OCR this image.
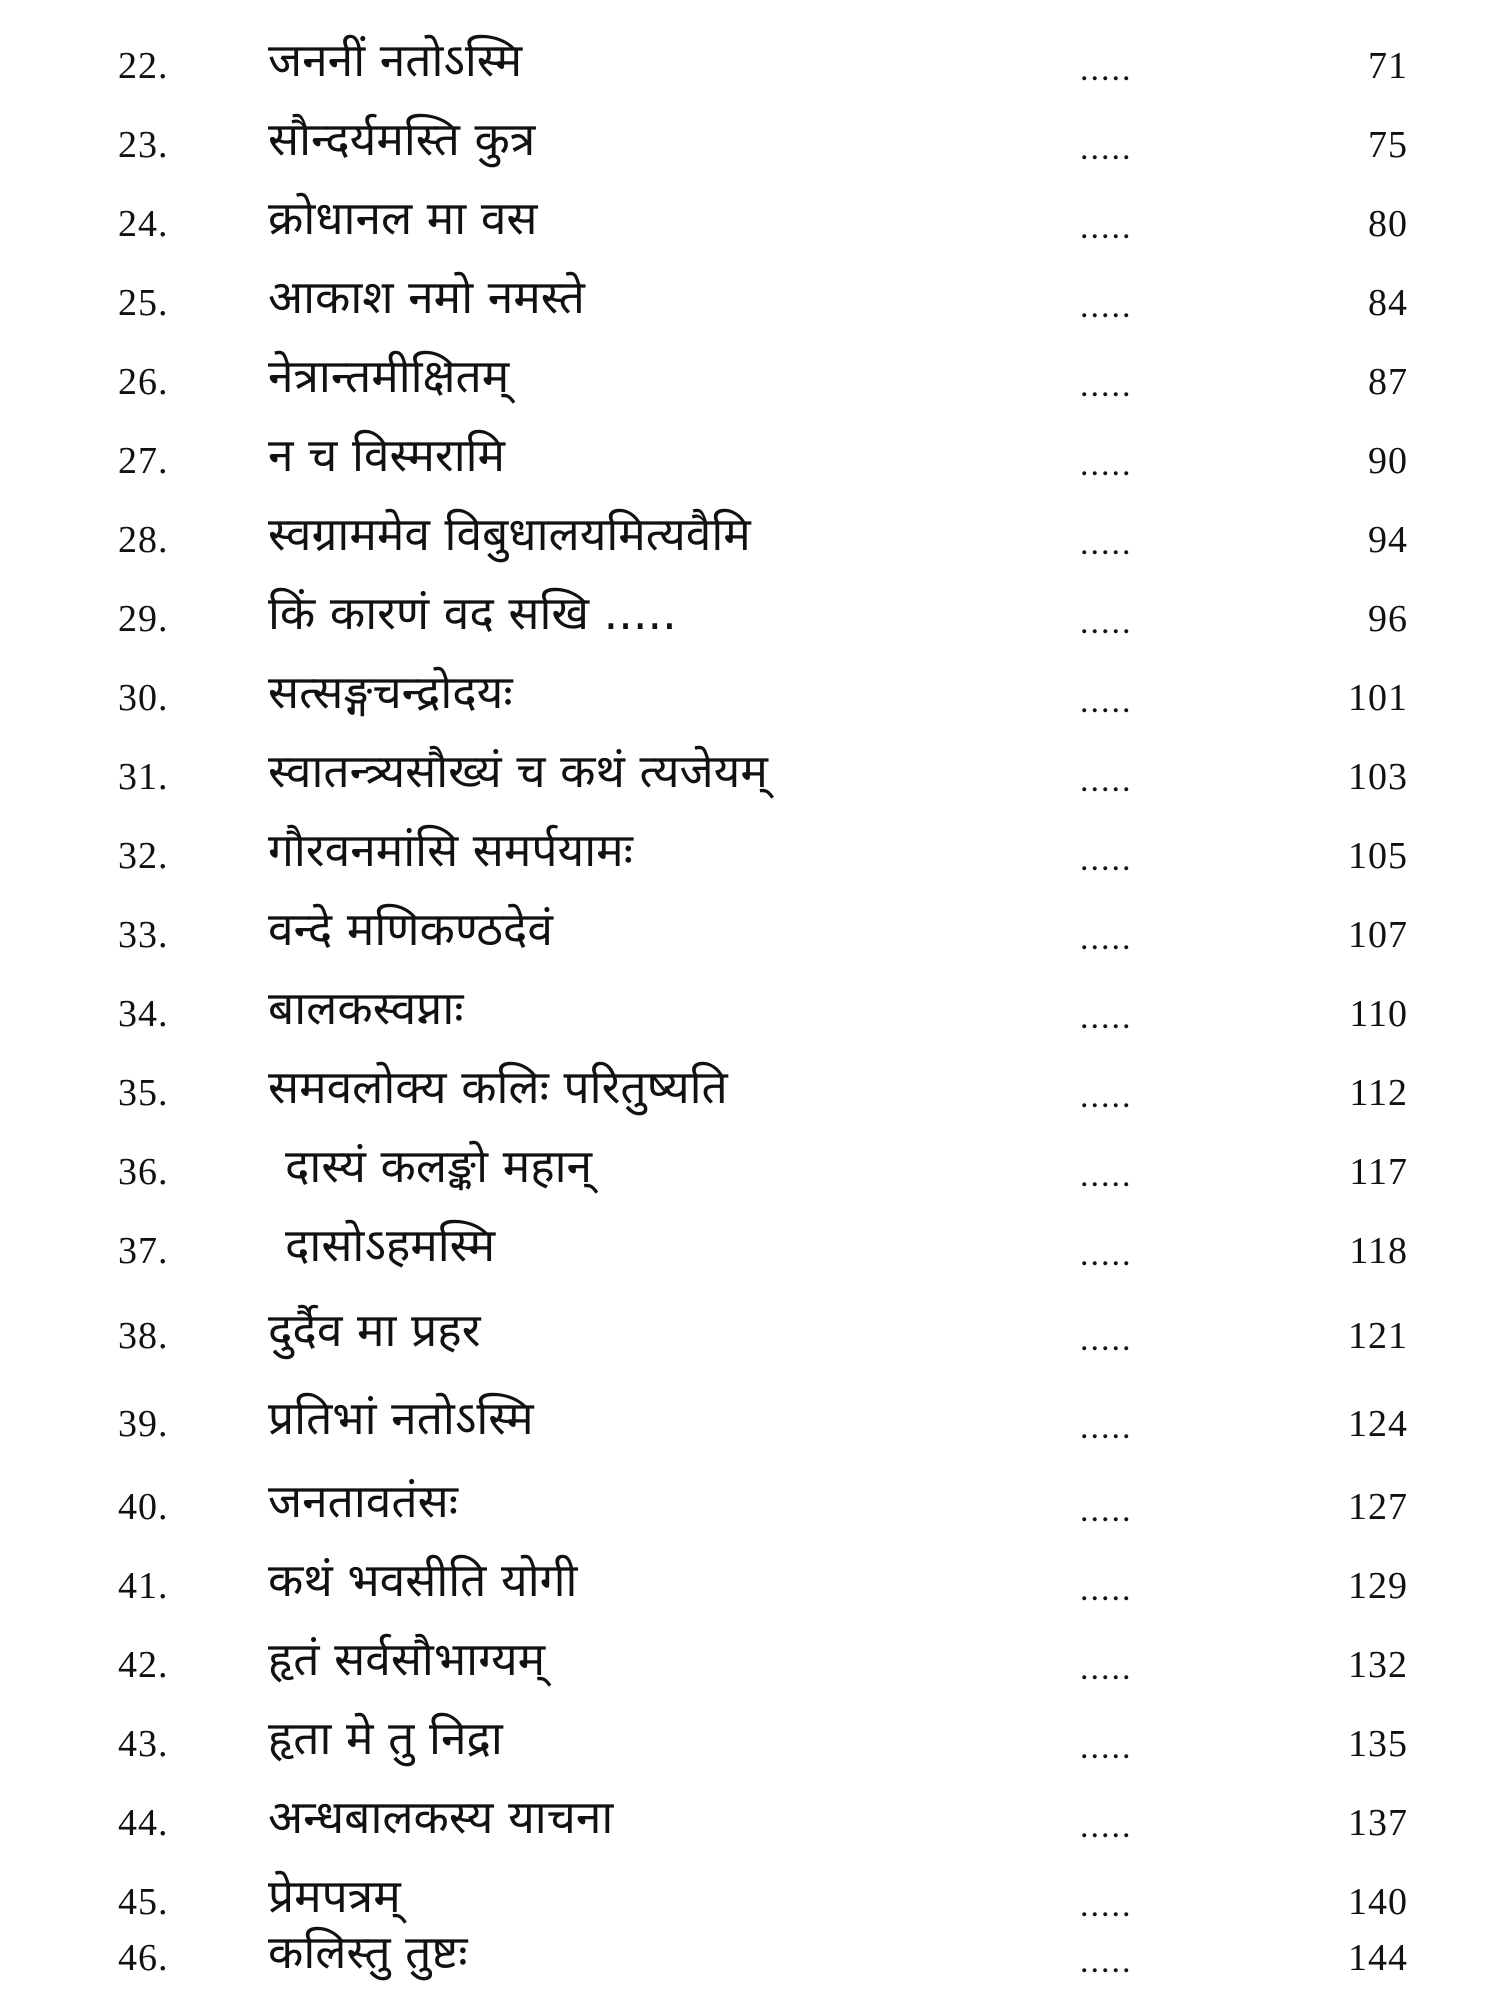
22. जननीं नतोऽस्मि	.....	71
23. सौन्दर्यमस्ति कुत्र	.....	75
24. क्रोधानल मा वस	.....	80
25. आकाश नमो नमस्ते	.....	84
26. नेत्रान्तमीक्षितम्	.....	87
27. न च विस्मरामि	.....	90
28. स्वग्राममेव विबुधालयमित्यवैमि	.....	94
29. किं कारणं वद सखि .....	.....	96
30. सत्सङ्गचन्द्रोदयः	.....	101
31. स्वातन्त्र्यसौख्यं च कथं त्यजेयम्	.....	103
32. गौरवनमांसि समर्पयामः	.....	105
33. वन्दे मणिकण्ठदेवं	.....	107
34. बालकस्वप्नाः	.....	110
35. समवलोक्य कलिः परितुष्यति	.....	112
36.	दास्यं कलङ्को महान्	.....	117
37.	दासोऽहमस्मि	.....	118
38. दुर्दैव मा प्रहर	.....	121
39. प्रतिभां नतोऽस्मि	.....	124
40. जनतावतंसः	.....	127
41. कथं भवसीति योगी	.....	129
42. हृतं सर्वसौभाग्यम्	.....	132
43. हृता मे तु निद्रा	.....	135
44. अन्धबालकस्य याचना	.....	137
45. प्रेमपत्रम्	.....	140
46. कलिस्तु तुष्टः	.....	144
